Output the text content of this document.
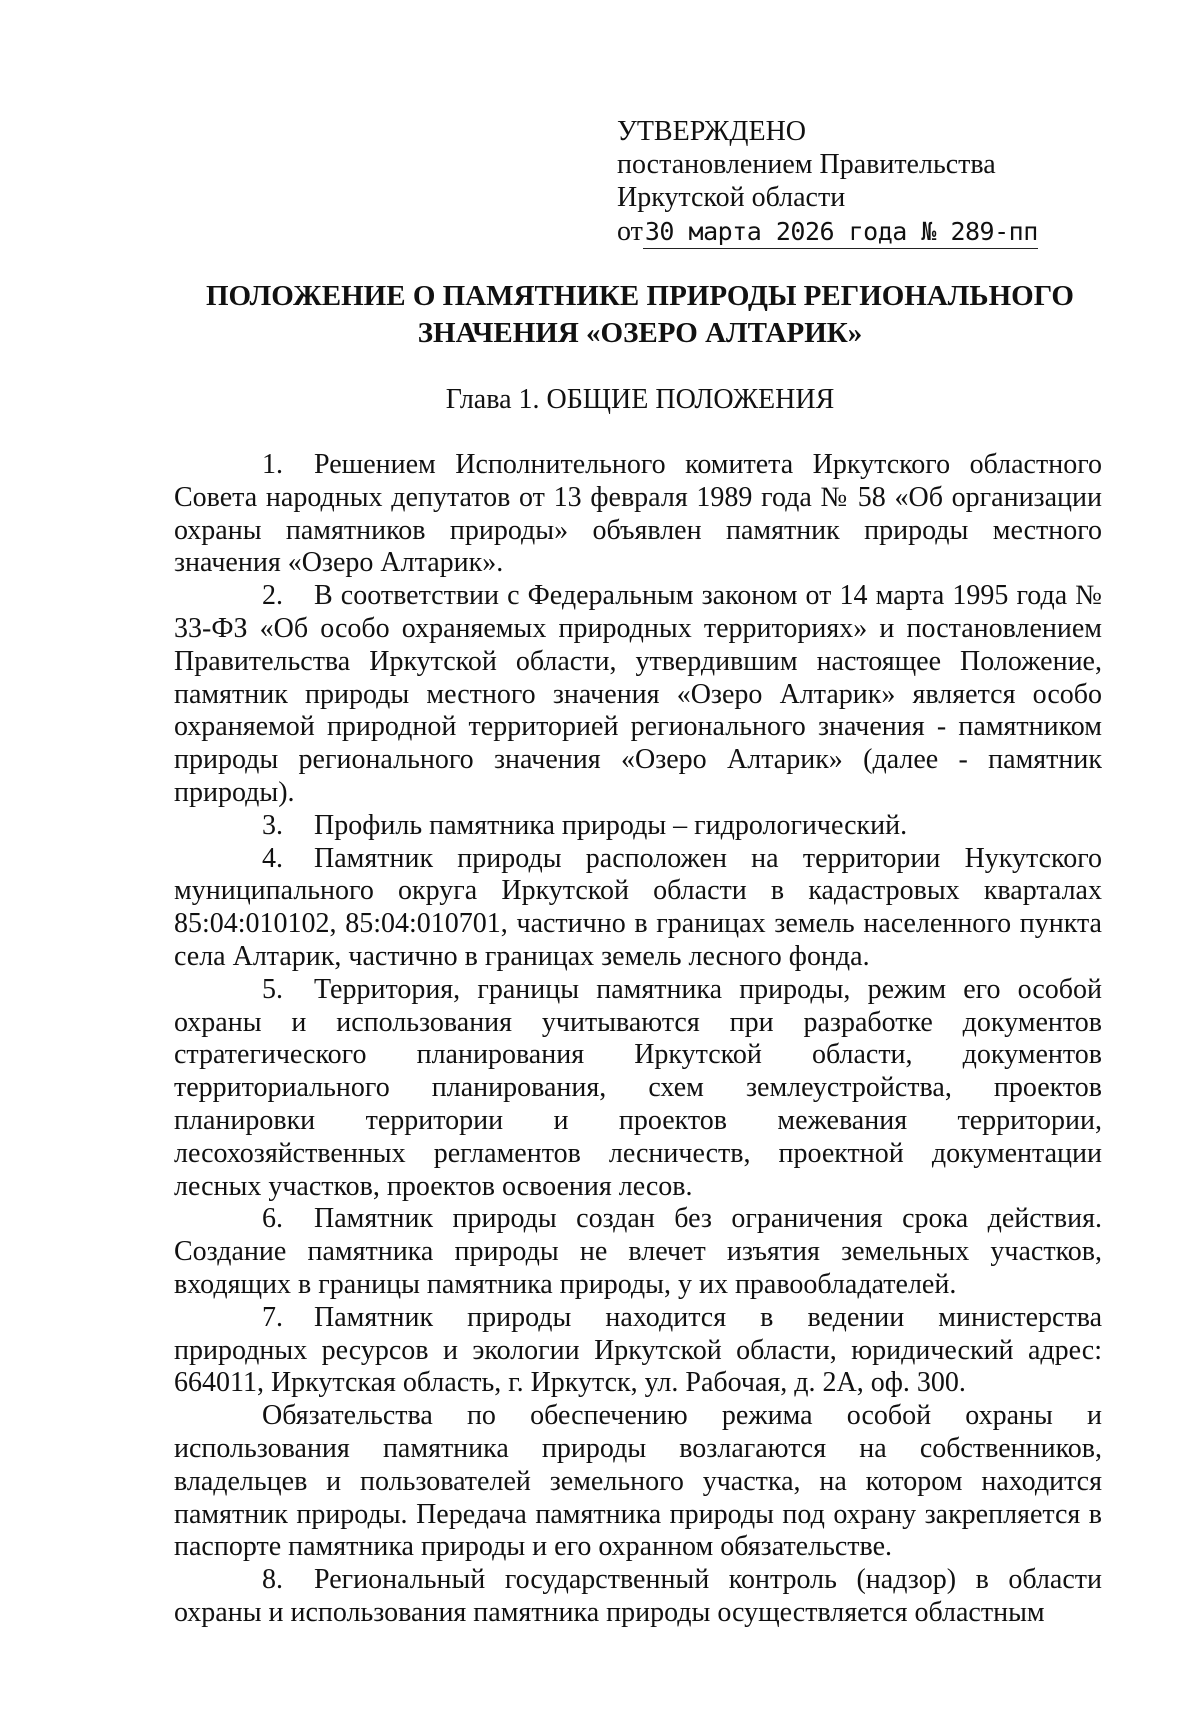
УТВЕРЖДЕНО
постановлением Правительства
Иркутской области
от30 марта 2026 года № 289-пп
ПОЛОЖЕНИЕ О ПАМЯТНИКЕ ПРИРОДЫ РЕГИОНАЛЬНОГО
ЗНАЧЕНИЯ «ОЗЕРО АЛТАРИК»
Глава 1. ОБЩИЕ ПОЛОЖЕНИЯ

1. Решением Исполнительного комитета Иркутского областного Совета народных депутатов от 13 февраля 1989 года № 58 «Об организации охраны памятников природы» объявлен памятник природы местного значения «Озеро Алтарик».

2. В соответствии с Федеральным законом от 14 марта 1995 года № 33-ФЗ «Об особо охраняемых природных территориях» и постановлением Правительства Иркутской области, утвердившим настоящее Положение, памятник природы местного значения «Озеро Алтарик» является особо охраняемой природной территорией регионального значения - памятником природы регионального значения «Озеро Алтарик» (далее - памятник природы).

3. Профиль памятника природы – гидрологический.

4. Памятник природы расположен на территории Нукутского муниципального округа Иркутской области в кадастровых кварталах 85:04:010102, 85:04:010701, частично в границах земель населенного пункта села Алтарик, частично в границах земель лесного фонда.

5. Территория, границы памятника природы, режим его особой охраны и использования учитываются при разработке документов стратегического планирования Иркутской области, документов территориального планирования, схем землеустройства, проектов планировки территории и проектов межевания территории, лесохозяйственных регламентов лесничеств, проектной документации лесных участков, проектов освоения лесов.

6. Памятник природы создан без ограничения срока действия. Создание памятника природы не влечет изъятия земельных участков, входящих в границы памятника природы, у их правообладателей.

7. Памятник природы находится в ведении министерства природных ресурсов и экологии Иркутской области, юридический адрес: 664011, Иркутская область, г. Иркутск, ул. Рабочая, д. 2А, оф. 300.

Обязательства по обеспечению режима особой охраны и использования памятника природы возлагаются на собственников, владельцев и пользователей земельного участка, на котором находится памятник природы. Передача памятника природы под охрану закрепляется в паспорте памятника природы и его охранном обязательстве.

8. Региональный государственный контроль (надзор) в области охраны и использования памятника природы осуществляется областным
